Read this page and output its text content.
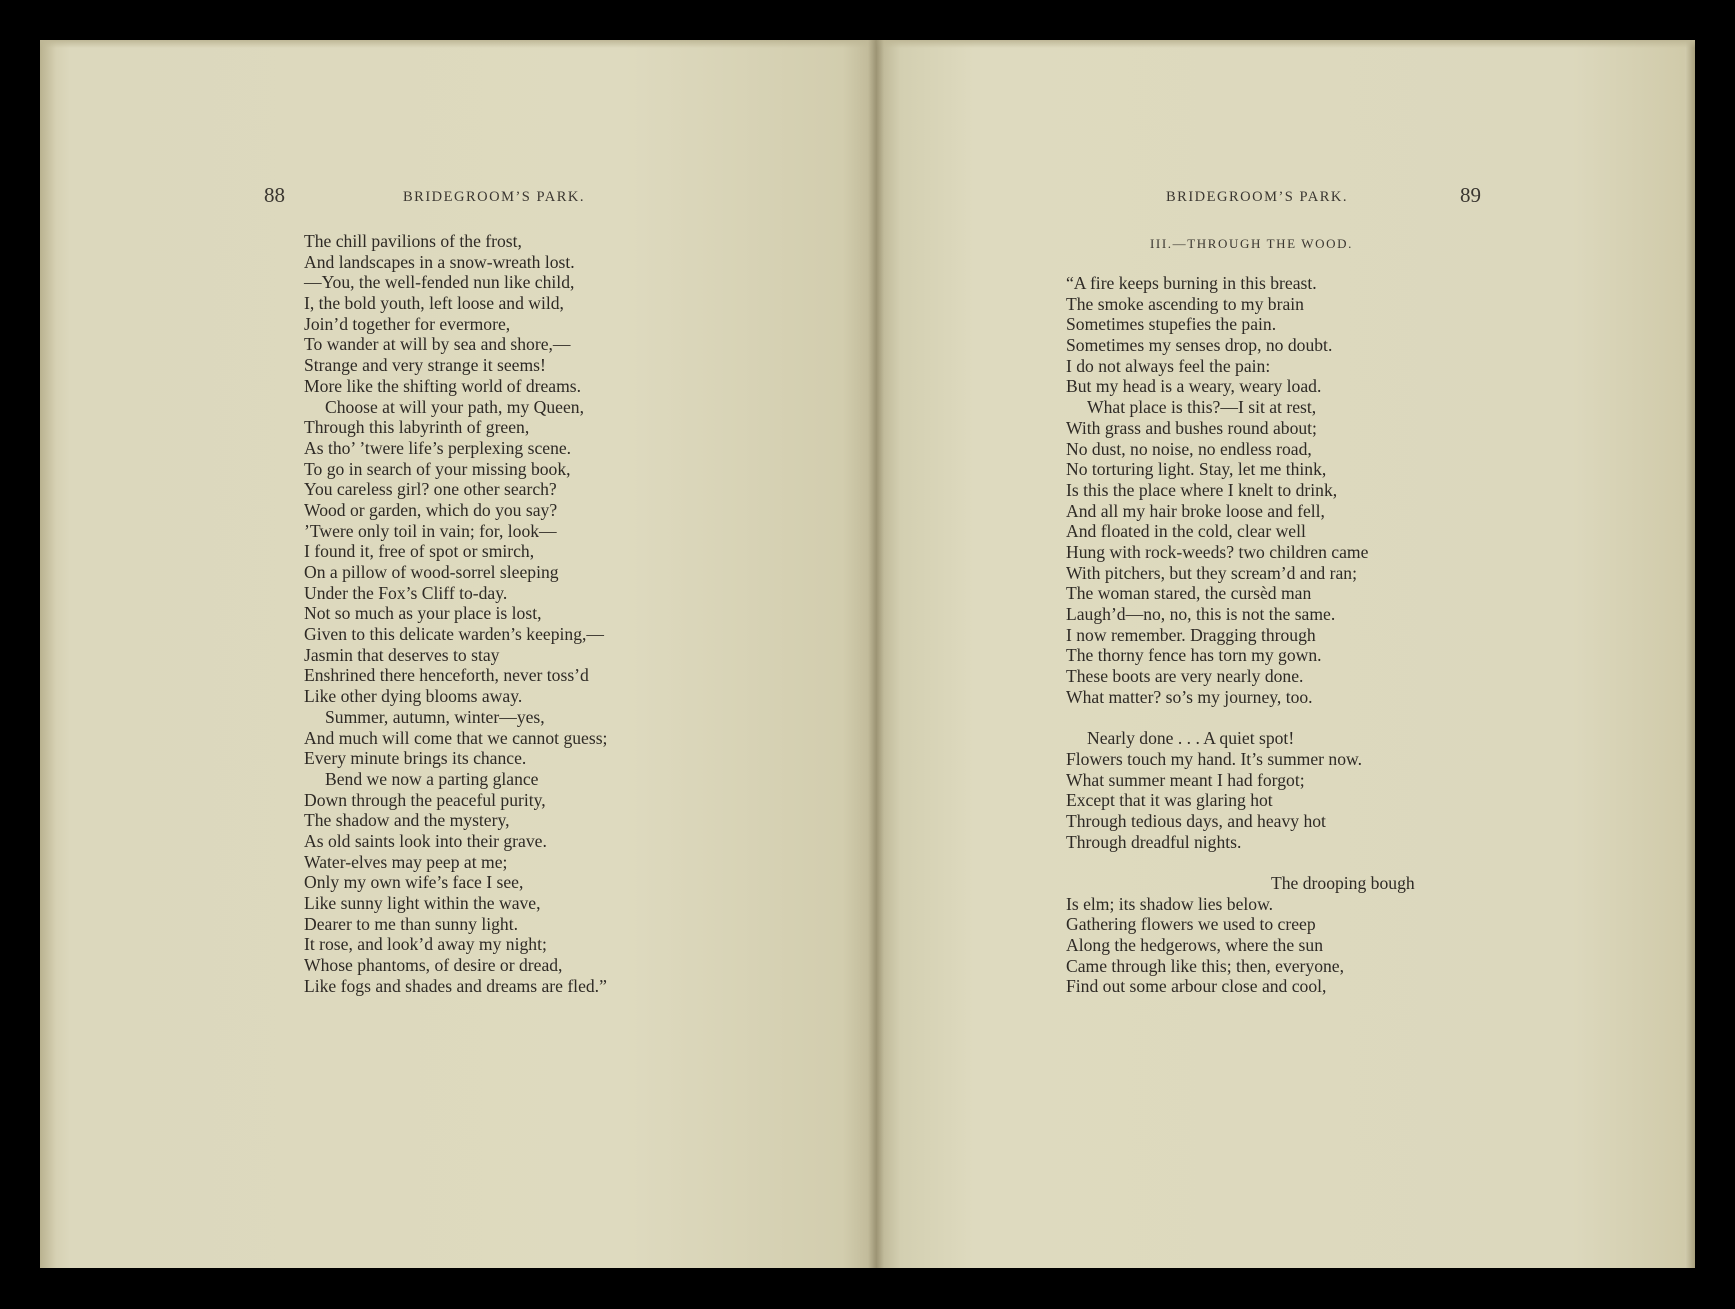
88	BRIDEGROOM’S PARK.	BRIDEGROOM’S PARK.	89
III.—THROUGH THE WOOD.
The chill pavilions of the frost,
And landscapes in a snow-wreath lost.
—You, the well-fended nun like child,
I, the bold youth, left loose and wild,
Join’d together for evermore,
To wander at will by sea and shore,—
Strange and very strange it seems!
More like the shifting world of dreams.
Choose at will your path, my Queen,
Through this labyrinth of green,
As tho’ ’twere life’s perplexing scene.
To go in search of your missing book,
You careless girl? one other search?
Wood or garden, which do you say?
’Twere only toil in vain; for, look—
I found it, free of spot or smirch,
On a pillow of wood-sorrel sleeping
Under the Fox’s Cliff to-day.
Not so much as your place is lost,
Given to this delicate warden’s keeping,—
Jasmin that deserves to stay
Enshrined there henceforth, never toss’d
Like other dying blooms away.
Summer, autumn, winter—yes,
And much will come that we cannot guess;
Every minute brings its chance.
Bend we now a parting glance
Down through the peaceful purity,
The shadow and the mystery,
As old saints look into their grave.
Water-elves may peep at me;
Only my own wife’s face I see,
Like sunny light within the wave,
Dearer to me than sunny light.
It rose, and look’d away my night;
Whose phantoms, of desire or dread,
Like fogs and shades and dreams are fled.”
“A fire keeps burning in this breast.
The smoke ascending to my brain
Sometimes stupefies the pain.
Sometimes my senses drop, no doubt.
I do not always feel the pain:
But my head is a weary, weary load.
What place is this?—I sit at rest,
With grass and bushes round about;
No dust, no noise, no endless road,
No torturing light. Stay, let me think,
Is this the place where I knelt to drink,
And all my hair broke loose and fell,
And floated in the cold, clear well
Hung with rock-weeds? two children came
With pitchers, but they scream’d and ran;
The woman stared, the cursèd man
Laugh’d—no, no, this is not the same.
I now remember. Dragging through
The thorny fence has torn my gown.
These boots are very nearly done.
What matter? so’s my journey, too.
Nearly done . . . A quiet spot!
Flowers touch my hand. It’s summer now.
What summer meant I had forgot;
Except that it was glaring hot
Through tedious days, and heavy hot
Through dreadful nights.
The drooping bough
Is elm; its shadow lies below.
Gathering flowers we used to creep
Along the hedgerows, where the sun
Came through like this; then, everyone,
Find out some arbour close and cool,
